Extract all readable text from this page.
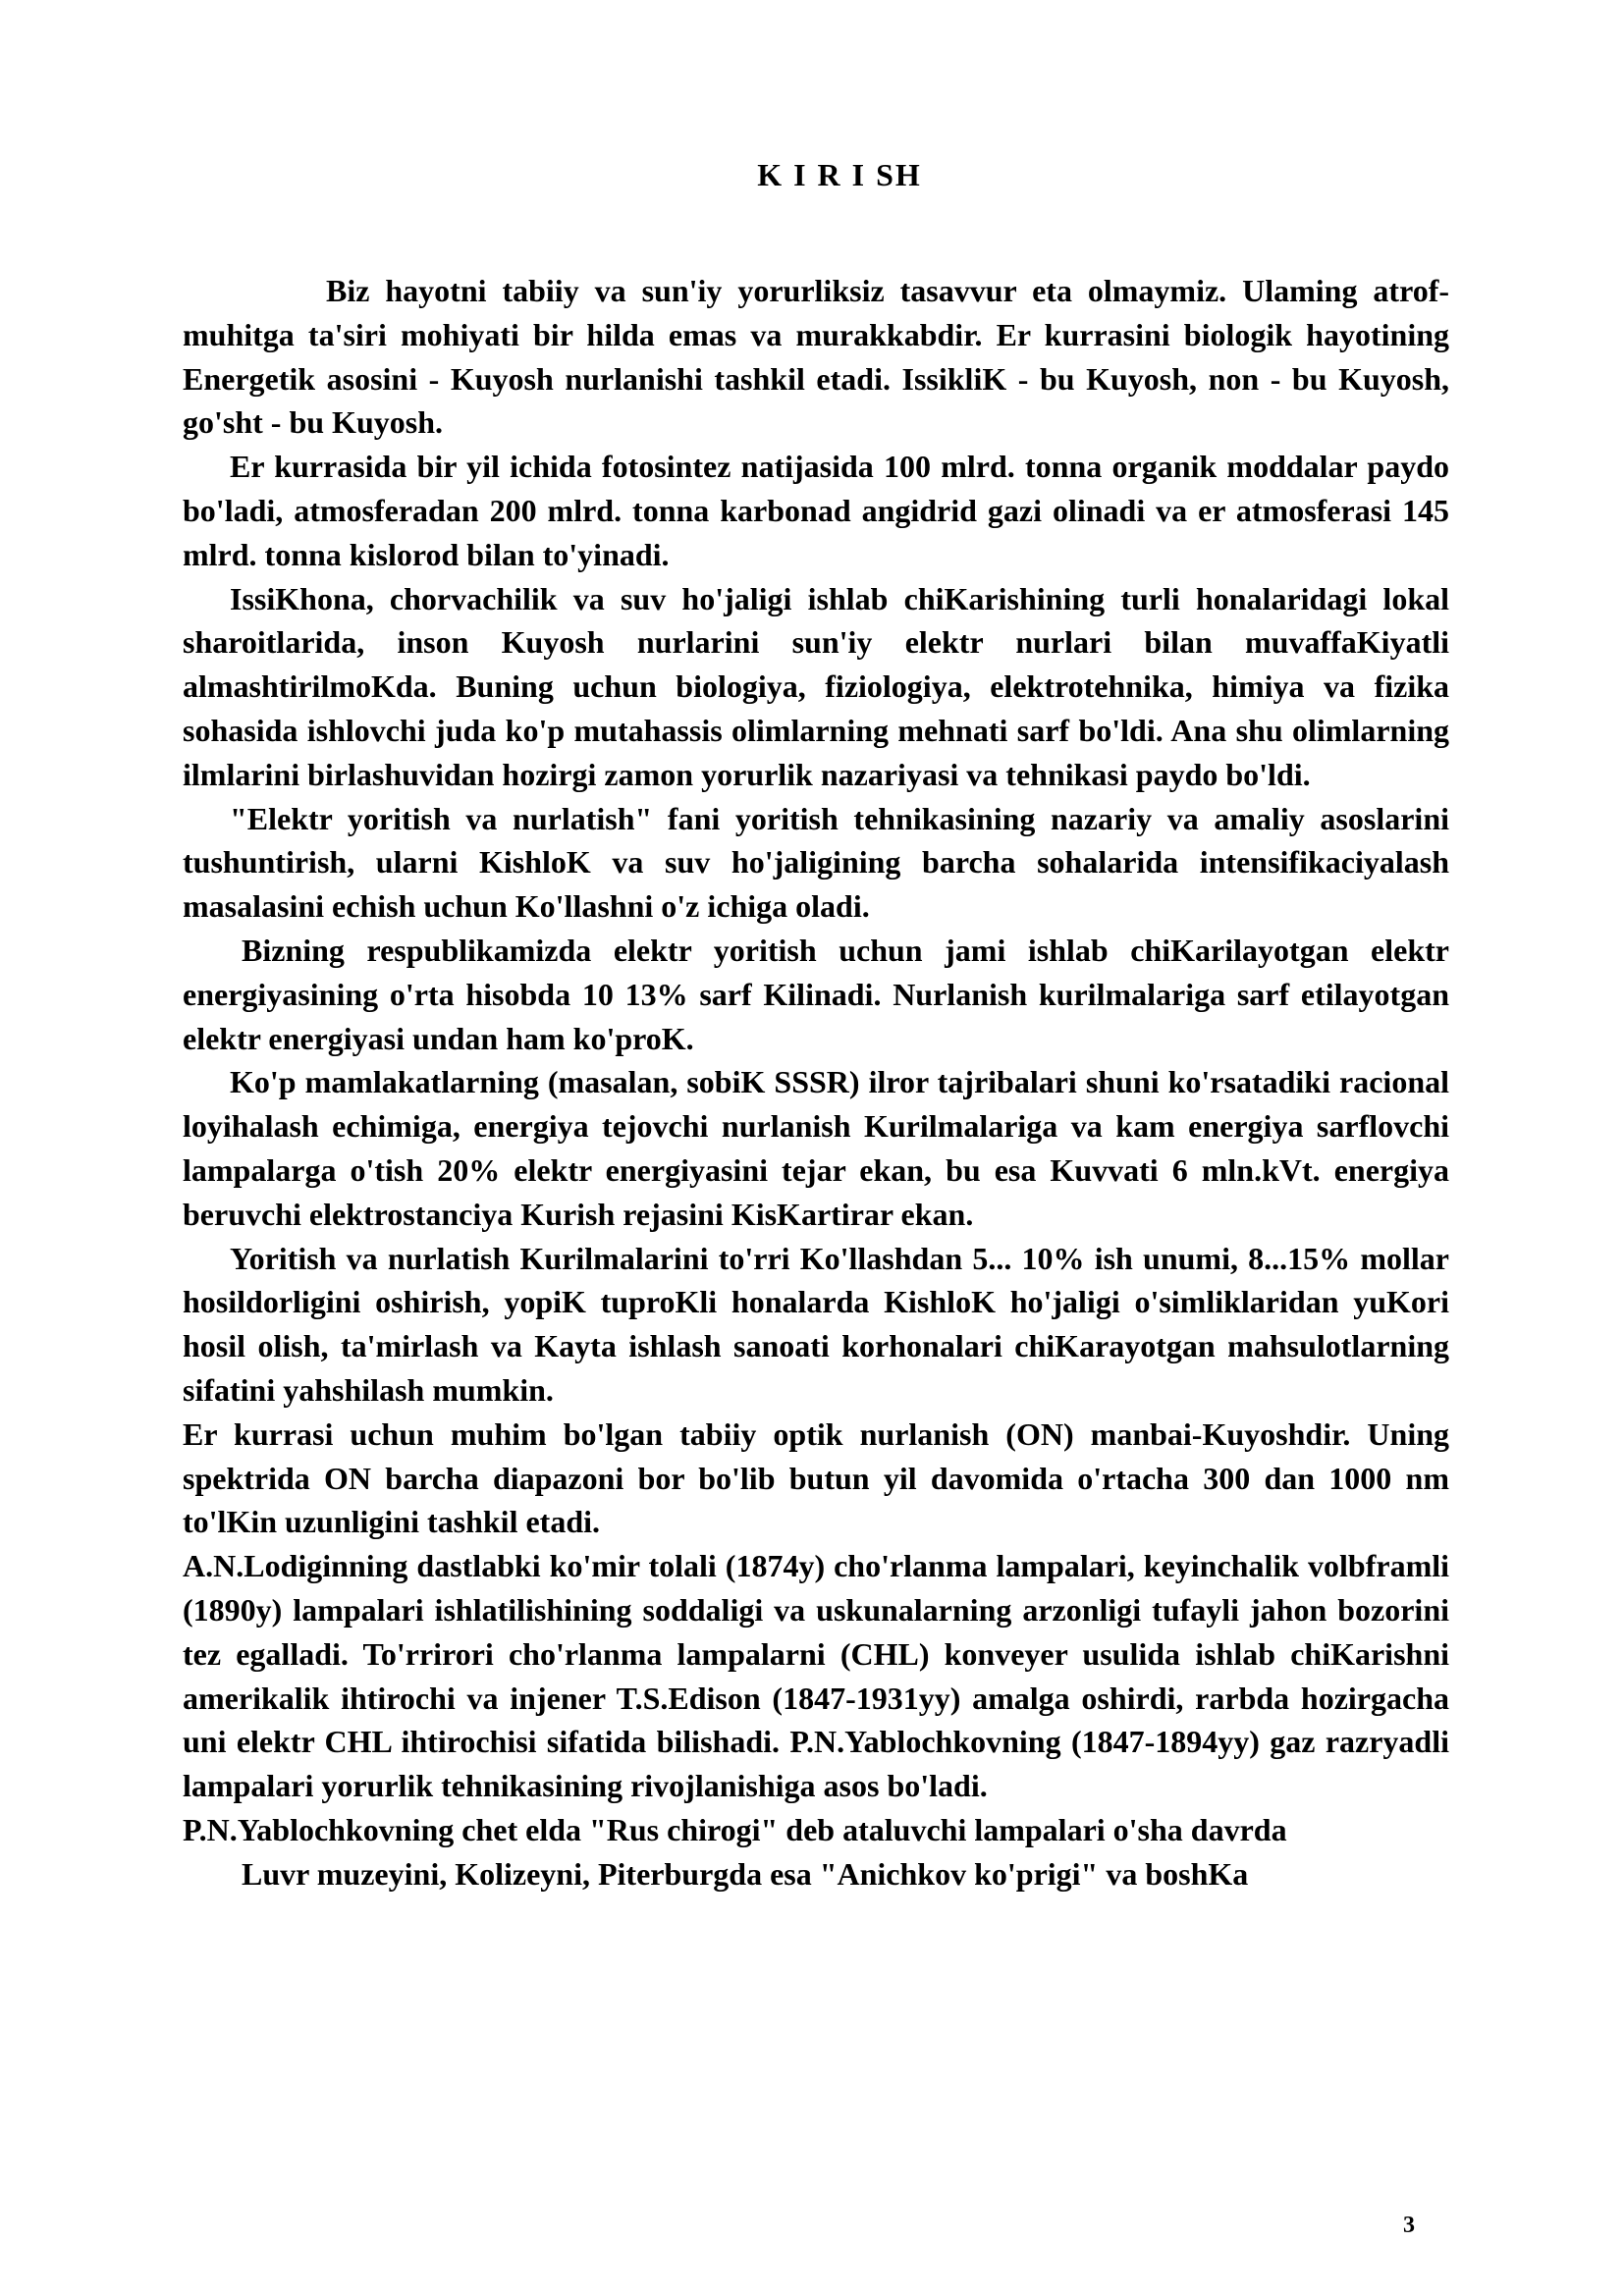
K I R I SH

Biz hayotni tabiiy va sun'iy yorurliksiz tasavvur eta olmaymiz. Ulaming atrof-muhitga ta'siri mohiyati bir hilda emas va murakkabdir. Er kurrasini biologik hayotining Energetik asosini - Kuyosh nurlanishi tashkil etadi. IssikliK - bu Kuyosh, non - bu Kuyosh, go'sht - bu Kuyosh.

Er kurrasida bir yil ichida fotosintez natijasida 100 mlrd. tonna organik moddalar paydo bo'ladi, atmosferadan 200 mlrd. tonna karbonad angidrid gazi olinadi va er atmosferasi 145 mlrd. tonna kislorod bilan to'yinadi.

IssiKhona, chorvachilik va suv ho'jaligi ishlab chiKarishining turli honalaridagi lokal sharoitlarida, inson Kuyosh nurlarini sun'iy elektr nurlari bilan muvaffaKiyatli almashtirilmoKda. Buning uchun biologiya, fiziologiya, elektrotehnika, himiya va fizika sohasida ishlovchi juda ko'p mutahassis olimlarning mehnati sarf bo'ldi. Ana shu olimlarning ilmlarini birlashuvidan hozirgi zamon yorurlik nazariyasi va tehnikasi paydo bo'ldi.

"Elektr yoritish va nurlatish" fani yoritish tehnikasining nazariy va amaliy asoslarini tushuntirish, ularni KishloK va suv ho'jaligining barcha sohalarida intensifikaciyalash masalasini echish uchun Ko'llashni o'z ichiga oladi.

Bizning respublikamizda elektr yoritish uchun jami ishlab chiKarilayotgan elektr energiyasining o'rta hisobda 10 13% sarf Kilinadi. Nurlanish kurilmalariga sarf etilayotgan elektr energiyasi undan ham ko'proK.

Ko'p mamlakatlarning (masalan, sobiK SSSR) ilror tajribalari shuni ko'rsatadiki racional loyihalash echimiga, energiya tejovchi nurlanish Kurilmalariga va kam energiya sarflovchi lampalarga o'tish 20% elektr energiyasini tejar ekan, bu esa Kuvvati 6 mln.kVt. energiya beruvchi elektrostanciya Kurish rejasini KisKartirar ekan.

Yoritish va nurlatish Kurilmalarini to'rri Ko'llashdan 5... 10% ish unumi, 8...15% mollar hosildorligini oshirish, yopiK tuproKli honalarda KishloK ho'jaligi o'simliklaridan yuKori hosil olish, ta'mirlash va Kayta ishlash sanoati korhonalari chiKarayotgan mahsulotlarning sifatini yahshilash mumkin.

Er kurrasi uchun muhim bo'lgan tabiiy optik nurlanish (ON) manbai-Kuyoshdir. Uning spektrida ON barcha diapazoni bor bo'lib butun yil davomida o'rtacha 300 dan 1000 nm to'lKin uzunligini tashkil etadi.

A.N.Lodiginning dastlabki ko'mir tolali (1874y) cho'rlanma lampalari, keyinchalik volbframli (1890y) lampalari ishlatilishining soddaligi va uskunalarning arzonligi tufayli jahon bozorini tez egalladi. To'rrirori cho'rlanma lampalarni (CHL) konveyer usulida ishlab chiKarishni amerikalik ihtirochi va injener T.S.Edison (1847-1931yy) amalga oshirdi, rarbda hozirgacha uni elektr CHL ihtirochisi sifatida bilishadi. P.N.Yablochkovning (1847-1894yy) gaz razryadli lampalari yorurlik tehnikasining rivojlanishiga asos bo'ladi.

P.N.Yablochkovning chet elda "Rus chirogi" deb ataluvchi lampalari o'sha davrda

Luvr muzeyini, Kolizeyni, Piterburgda esa "Anichkov ko'prigi" va boshKa

3
